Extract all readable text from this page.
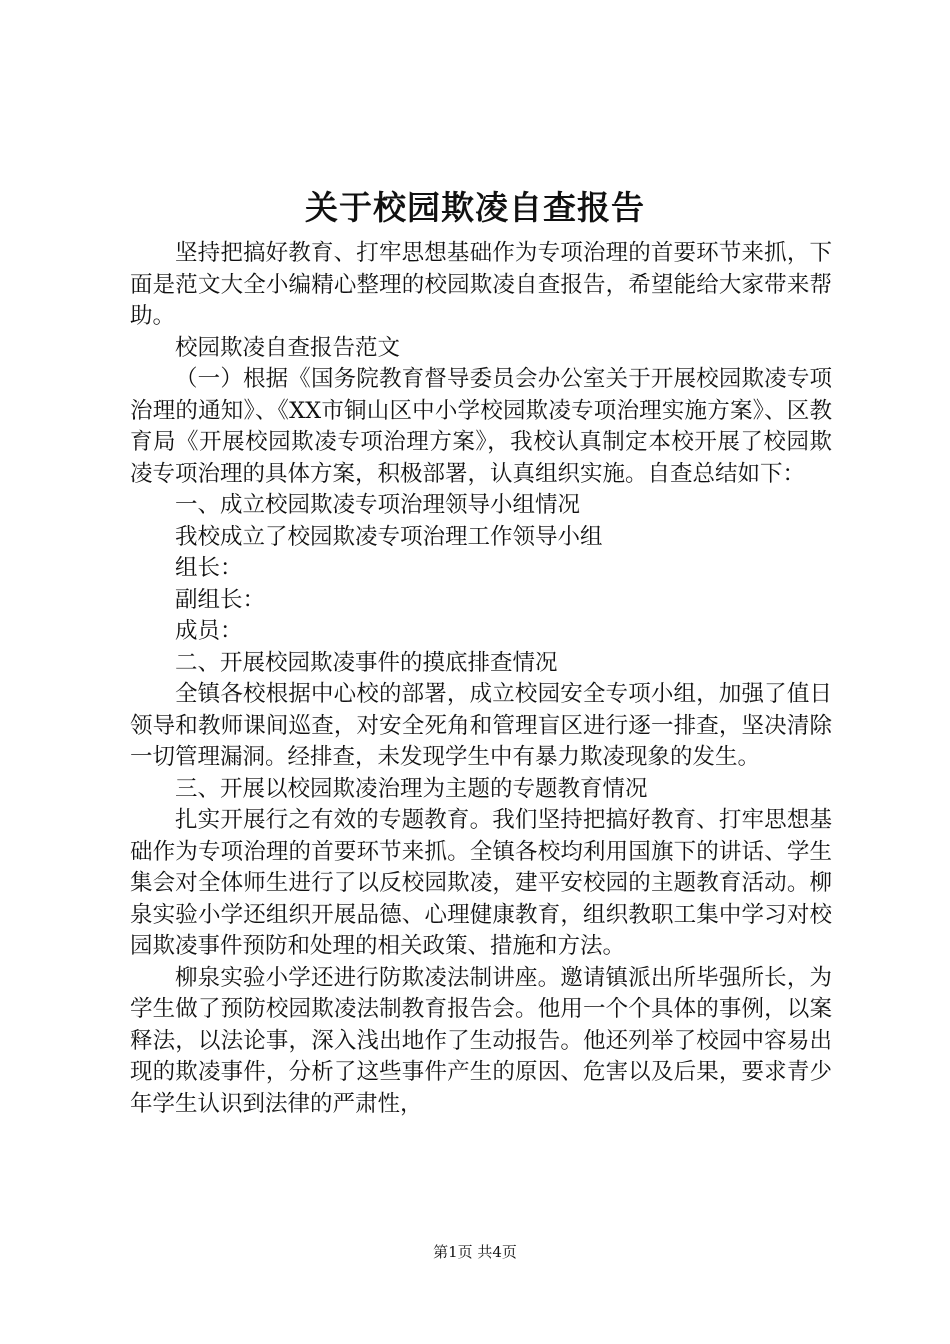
关于校园欺凌自查报告

坚持把搞好教育、打牢思想基础作为专项治理的首要环节来抓，下面是范文大全小编精心整理的校园欺凌自查报告，希望能给大家带来帮助。

校园欺凌自查报告范文

（一）根据《国务院教育督导委员会办公室关于开展校园欺凌专项治理的通知》、《XX市铜山区中小学校园欺凌专项治理实施方案》、区教育局《开展校园欺凌专项治理方案》，我校认真制定本校开展了校园欺凌专项治理的具体方案，积极部署，认真组织实施。自查总结如下：

一、成立校园欺凌专项治理领导小组情况

我校成立了校园欺凌专项治理工作领导小组

组长：

副组长：

成员：

二、开展校园欺凌事件的摸底排查情况

全镇各校根据中心校的部署，成立校园安全专项小组，加强了值日领导和教师课间巡查，对安全死角和管理盲区进行逐一排查，坚决清除一切管理漏洞。经排查，未发现学生中有暴力欺凌现象的发生。

三、开展以校园欺凌治理为主题的专题教育情况

扎实开展行之有效的专题教育。我们坚持把搞好教育、打牢思想基础作为专项治理的首要环节来抓。全镇各校均利用国旗下的讲话、学生集会对全体师生进行了以反校园欺凌，建平安校园的主题教育活动。柳泉实验小学还组织开展品德、心理健康教育，组织教职工集中学习对校园欺凌事件预防和处理的相关政策、措施和方法。

柳泉实验小学还进行防欺凌法制讲座。邀请镇派出所毕强所长，为学生做了预防校园欺凌法制教育报告会。他用一个个具体的事例，以案释法，以法论事，深入浅出地作了生动报告。他还列举了校园中容易出现的欺凌事件，分析了这些事件产生的原因、危害以及后果，要求青少年学生认识到法律的严肃性，

第1页 共4页
